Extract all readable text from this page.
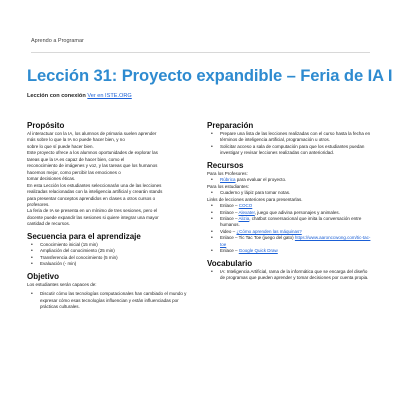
Aprendo a Programar
Lección 31: Proyecto expandible – Feria de IA I
Lección con conexión Ver en ISTE.ORG
Propósito
Al interactuar con la IA, los alumnos de primaria suelen aprender
más sobre lo que la IA no puede hacer bien, y no
sobre lo que sí puede hacer bien.
Este proyecto ofrece a los alumnos oportunidades de explorar las
tareas que la IA es capaz de hacer bien, como el
reconocimiento de imágenes y voz, y las tareas que los humanos
hacemos mejor, como percibir las emociones o
tomar decisiones éticas.
En esta Lección los estudiantes seleccionarán una de las lecciones
realizadas relacionadas con la inteligencia artificial y crearán stands
para presentar conceptos aprendidos en clases a otros cursos o
profesores.
La feria de IA se presenta en un mínimo de tres sesiones, pero el
docente puede expandir las sesiones si quiere integrar una mayor
cantidad de recursos.
Secuencia para el aprendizaje
• Conocimiento inicial (15 min)
• Ampliación del conocimiento (25 min)
• Transferencia del conocimiento (5 min)
• Evaluación (- min)
Objetivo
Los estudiantes serán capaces de:
• Discutir cómo las tecnologías computacionales han cambiado el mundo y expresar cómo esas tecnologías influencian y están influenciadas por prácticas culturales.
Preparación
• Prepare una lista de las lecciones realizadas con el curso hasta la fecha en términos de inteligencia artificial, programación u otros.
• Solicitar acceso a sala de computación para que los estudiantes puedan investigar y revisar lecciones realizadas con anterioridad.
Recursos
Para los Profesores:
• Rúbrica para evaluar el proyecto.
Para los estudiantes:
• Cuaderno y lápiz para tomar notas.
Links de lecciones anteriores para presentarlas.
• Enlace – COCO
• Enlace – Alexater, juego que adivina personajes y animales.
• Enlace – Alizia, chatbot conversacional que imita la conversación entre humanos.
• Video – ¿Cómo aprenden las máquinas?
• Enlace – Tic Tac Toe (juego del gato) https://www.aaronccwong.com/tic-tac-toe
• Enlace – Google Quick Draw
Vocabulario
• IA: Inteligencia Artificial, rama de la informática que se encarga del diseño de programas que pueden aprender y tomar decisiones por cuenta propia.
